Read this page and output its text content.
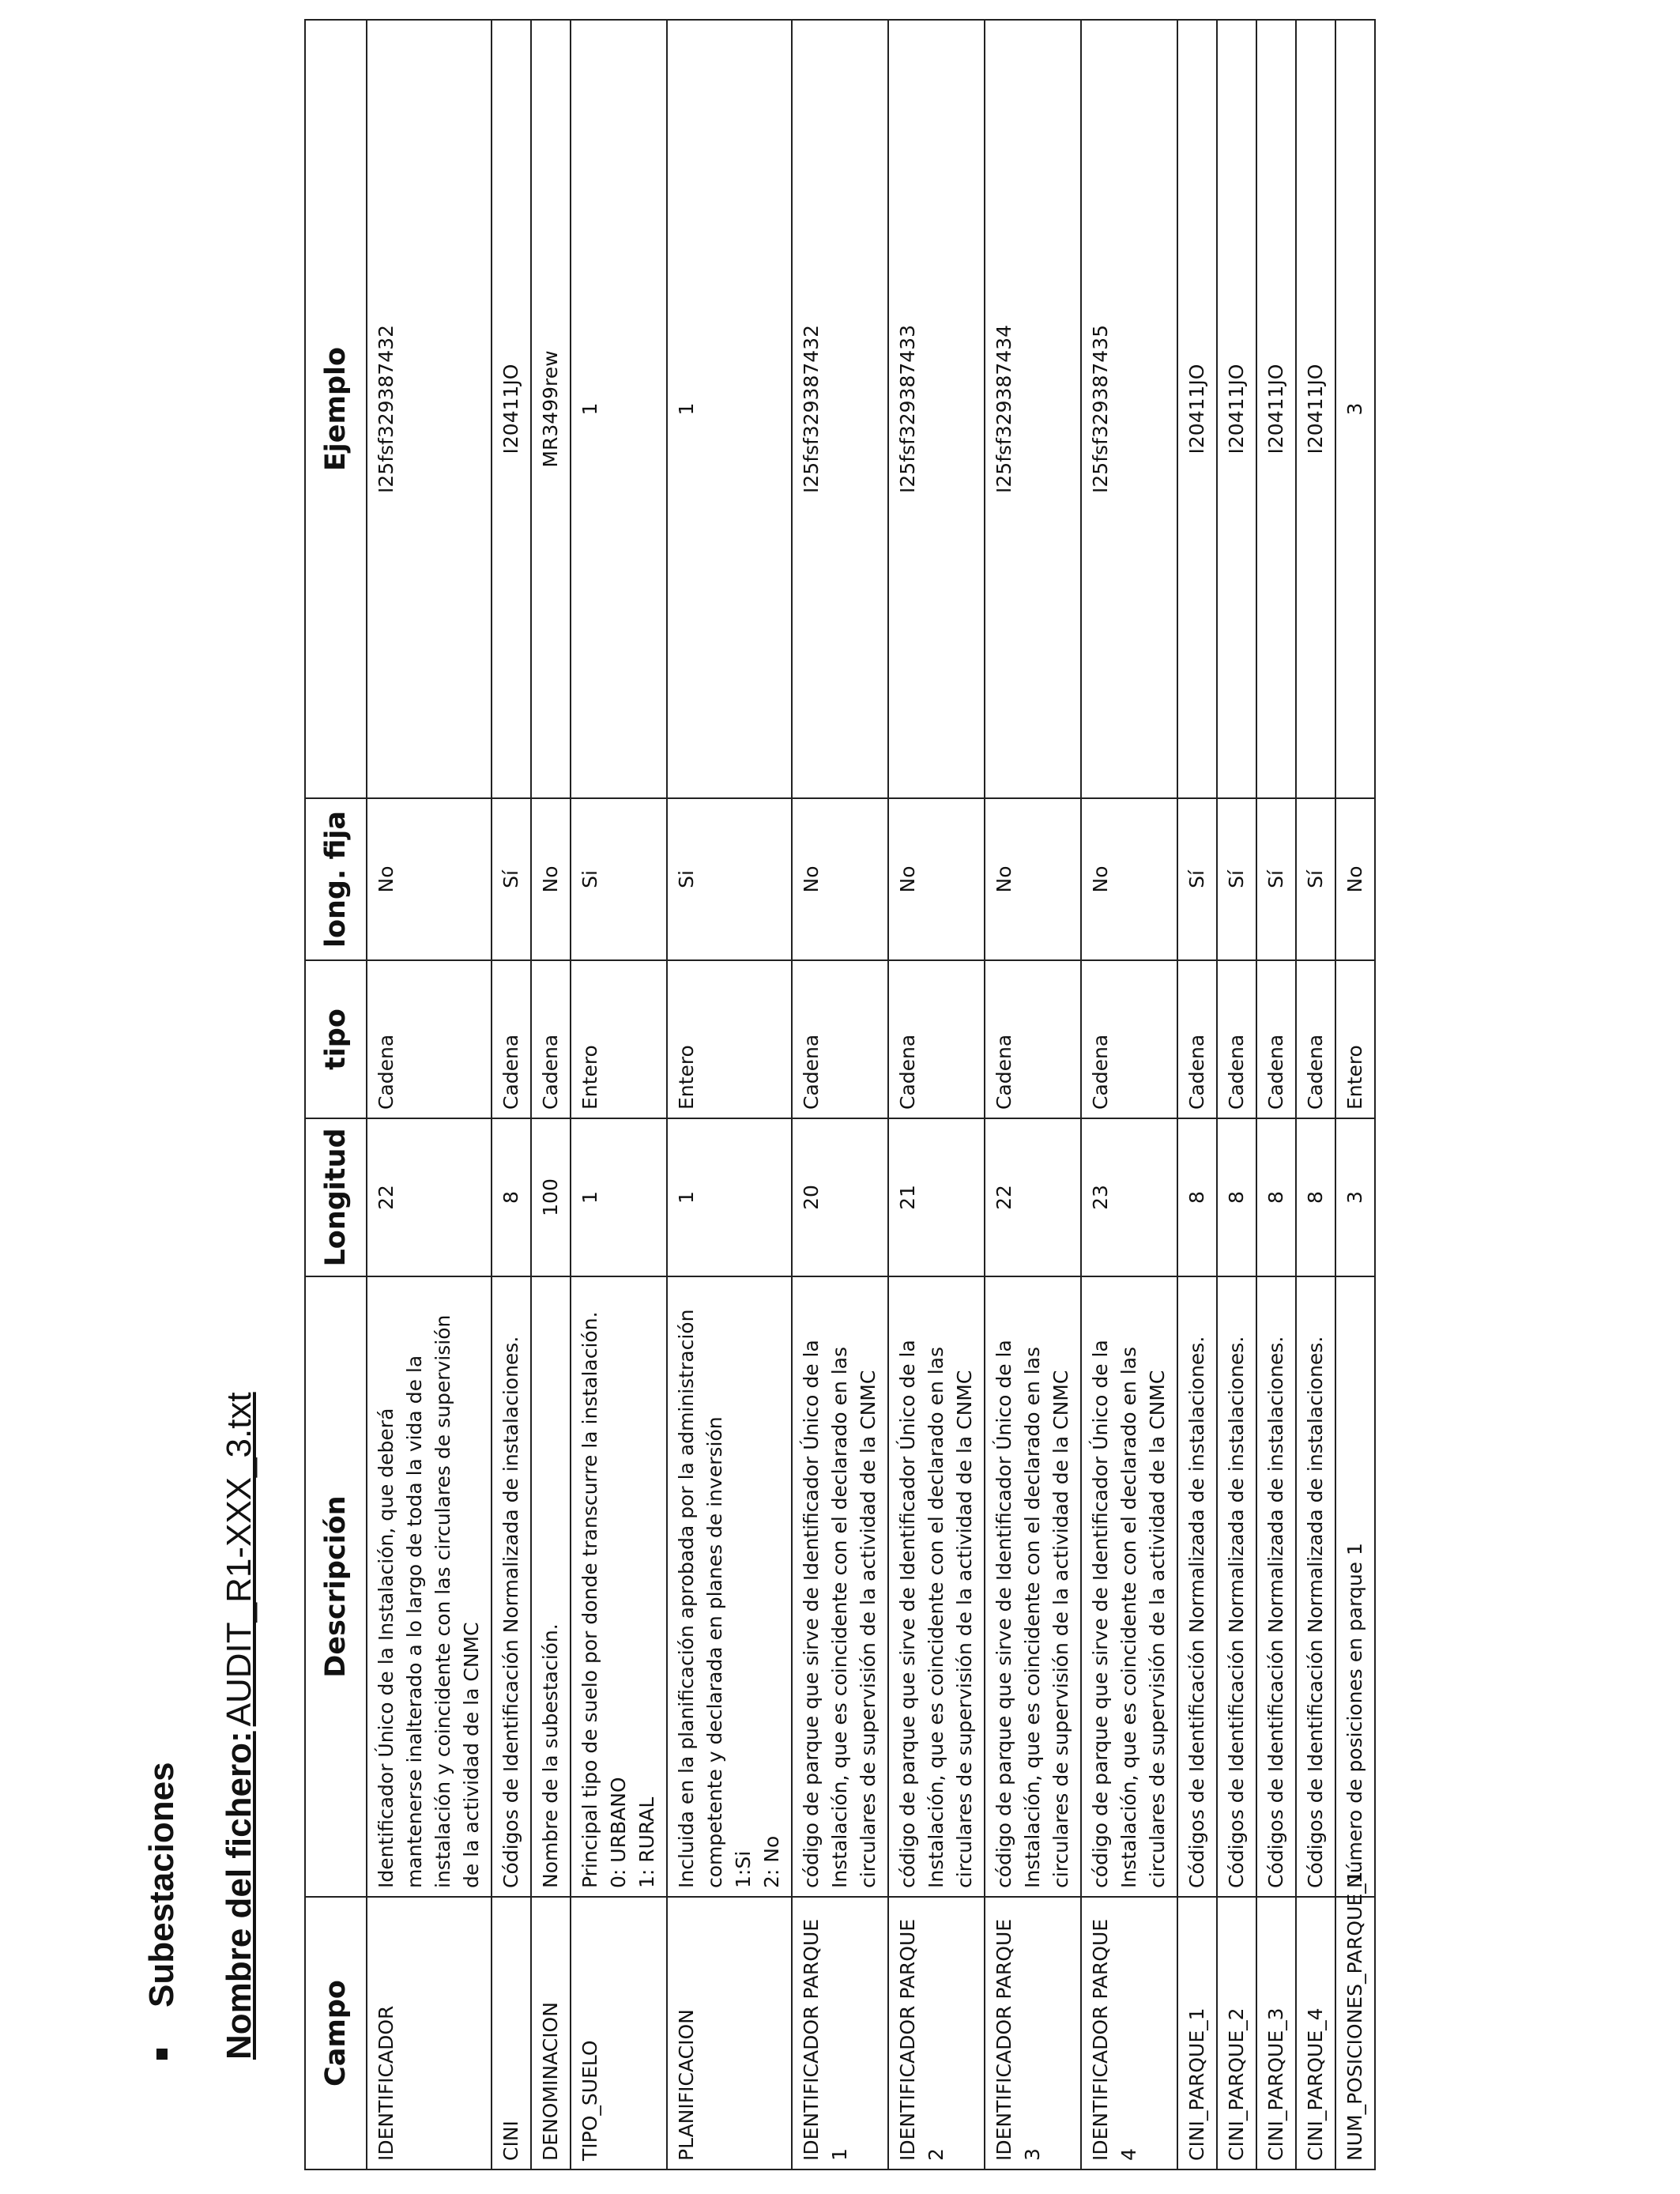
Subestaciones Nombre del fichero:AUDIT_R1-XXX_3.txt
Campo	Descripción	Longitud	tipo	long. fija	Ejemplo
IDENTIFICADOR	Identificador Único de la Instalación, que deberá mantenerse inalterado a lo largo de toda la vida de la instalación y coincidente con las circulares de supervisión de la actividad de la CNMC	22	Cadena	No	I25fsf329387432
CINI	Códigos de Identificación Normalizada de instalaciones.	8	Cadena	Sí	I20411JO
DENOMINACION	Nombre de la subestación.	100	Cadena	No	MR3499rew
TIPO_SUELO	Principal tipo de suelo por donde transcurre la instalación.
0: URBANO
1: RURAL	1	Entero	Si	1
PLANIFICACION	Incluida en la planificación aprobada por la administración competente y declarada en planes de inversión
1:Si
2: No	1	Entero	Si	1
IDENTIFICADOR PARQUE 1	código de parque que sirve de Identificador Único de la Instalación, que es coincidente con el declarado en las circulares de supervisión de la actividad de la CNMC	20	Cadena	No	I25fsf329387432
IDENTIFICADOR PARQUE 2	código de parque que sirve de Identificador Único de la Instalación, que es coincidente con el declarado en las circulares de supervisión de la actividad de la CNMC	21	Cadena	No	I25fsf329387433
IDENTIFICADOR PARQUE 3	código de parque que sirve de Identificador Único de la Instalación, que es coincidente con el declarado en las circulares de supervisión de la actividad de la CNMC	22	Cadena	No	I25fsf329387434
IDENTIFICADOR PARQUE 4	código de parque que sirve de Identificador Único de la Instalación, que es coincidente con el declarado en las circulares de supervisión de la actividad de la CNMC	23	Cadena	No	I25fsf329387435
CINI_PARQUE_1	Códigos de Identificación Normalizada de instalaciones.	8	Cadena	Sí	I20411JO
CINI_PARQUE_2	Códigos de Identificación Normalizada de instalaciones.	8	Cadena	Sí	I20411JO
CINI_PARQUE_3	Códigos de Identificación Normalizada de instalaciones.	8	Cadena	Sí	I20411JO
CINI_PARQUE_4	Códigos de Identificación Normalizada de instalaciones.	8	Cadena	Sí	I20411JO
NUM_POSICIONES_PARQUE_1	Número de posiciones en parque 1	3	Entero	No	3
